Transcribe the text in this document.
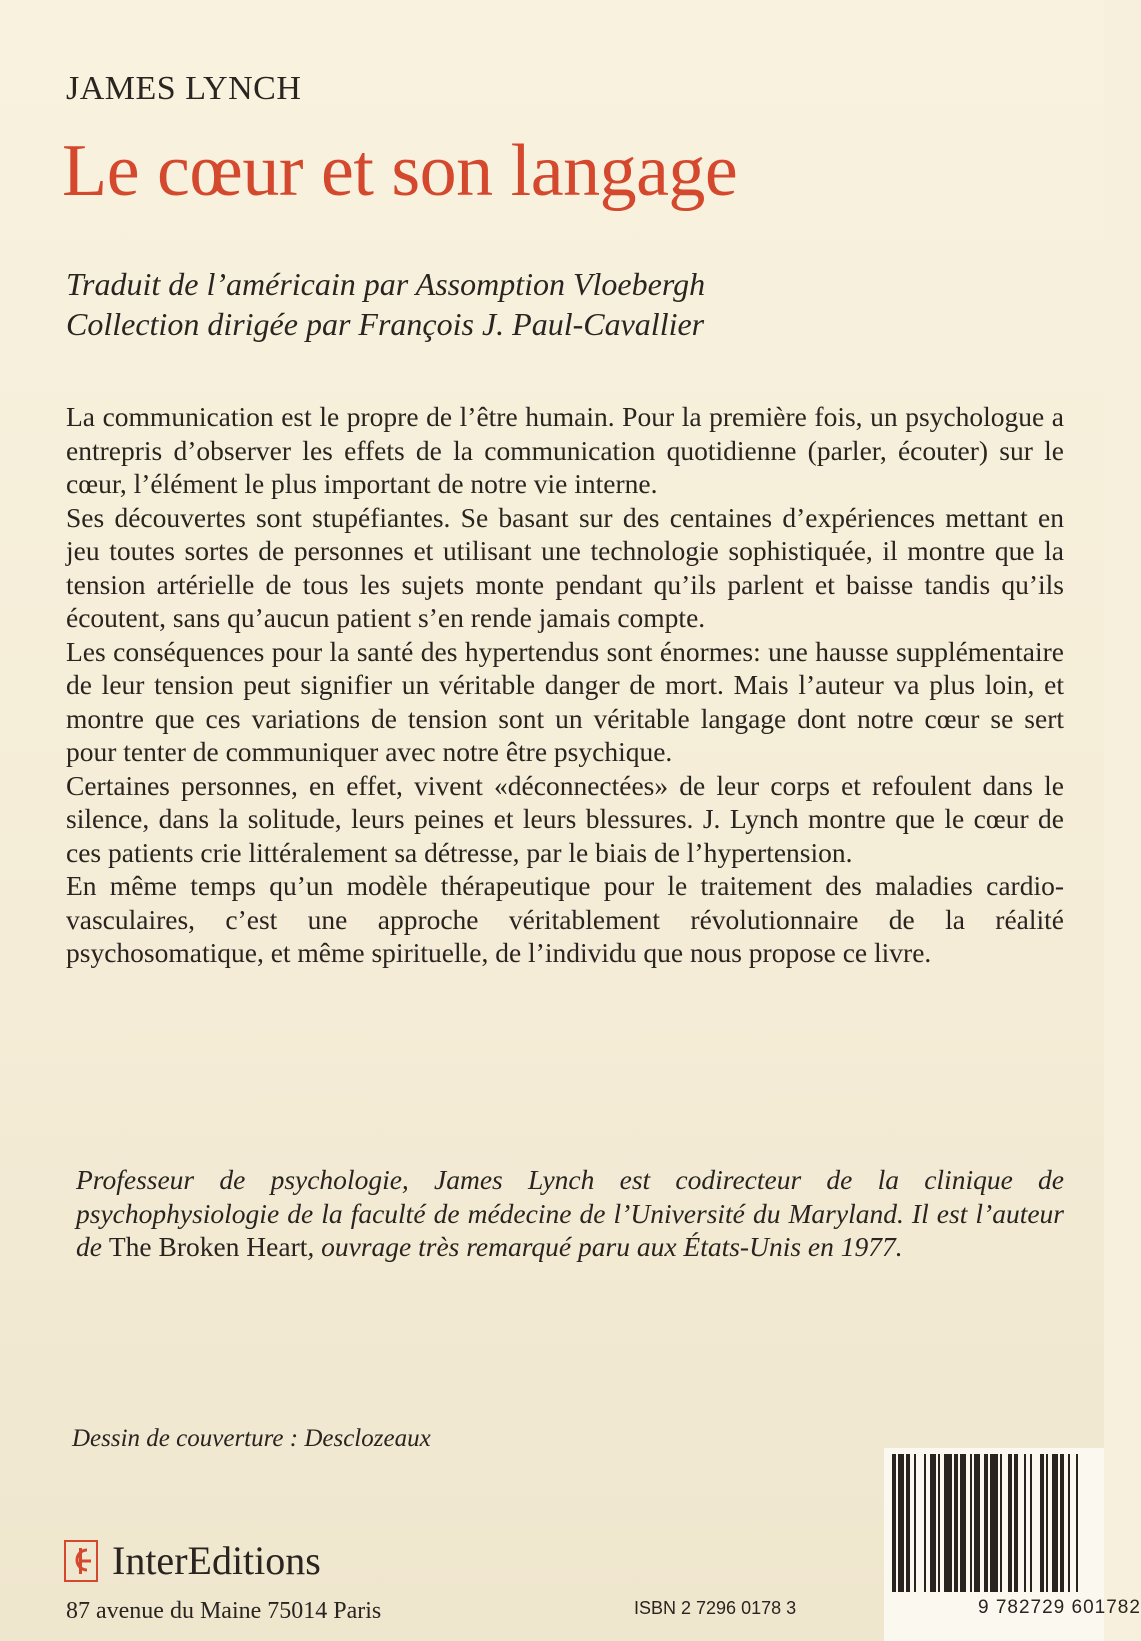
JAMES LYNCH
Le cœur et son langage
Traduit de l’américain par Assomption Vloebergh
Collection dirigée par François J. Paul-Cavallier

La communication est le propre de l’être humain. Pour la première fois, un psychologue a entrepris d’observer les effets de la communication quotidienne (parler, écouter) sur le cœur, l’élément le plus important de notre vie interne.

Ses découvertes sont stupéfiantes. Se basant sur des centaines d’expériences mettant en jeu toutes sortes de personnes et utilisant une technologie sophistiquée, il montre que la tension artérielle de tous les sujets monte pendant qu’ils parlent et baisse tandis qu’ils écoutent, sans qu’aucun patient s’en rende jamais compte.

Les conséquences pour la santé des hypertendus sont énormes: une hausse supplémentaire de leur tension peut signifier un véritable danger de mort. Mais l’auteur va plus loin, et montre que ces variations de tension sont un véritable langage dont notre cœur se sert pour tenter de communiquer avec notre être psychique.

Certaines personnes, en effet, vivent «déconnectées» de leur corps et refoulent dans le silence, dans la solitude, leurs peines et leurs blessures. J. Lynch montre que le cœur de ces patients crie littéralement sa détresse, par le biais de l’hypertension.

En même temps qu’un modèle thérapeutique pour le traitement des maladies cardio-vasculaires, c’est une approche véritablement révolutionnaire de la réalité psychosomatique, et même spirituelle, de l’individu que nous propose ce livre.

Professeur de psychologie, James Lynch est codirecteur de la clinique de psychophysiologie de la faculté de médecine de l’Université du Maryland. Il est l’auteur de The Broken Heart, ouvrage très remarqué paru aux États-Unis en 1977.
Dessin de couverture : Desclozeaux
InterEditions
87 avenue du Maine 75014 Paris	ISBN 2 7296 0178 3	9 782729 601782
